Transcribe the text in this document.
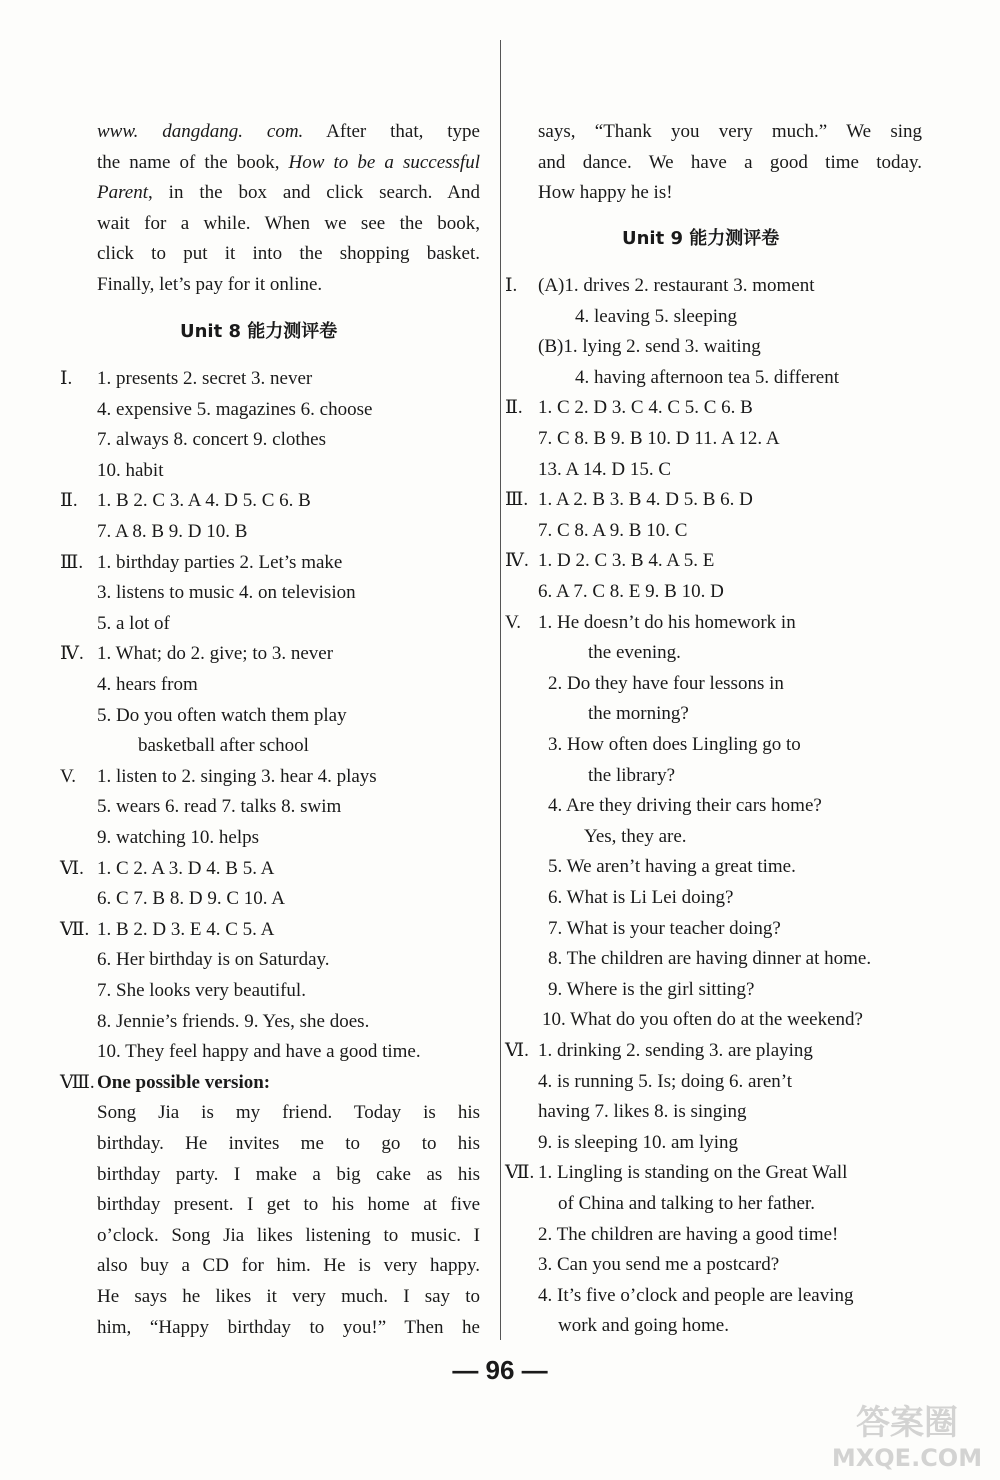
www. dangdang. com. After that, type
the name of the book, How to be a successful
Parent, in the box and click search. And
wait for a while. When we see the book,
click to put it into the shopping basket.
Finally, let’s pay for it online.
Unit 8 能力测评卷
Ⅰ. 1. presents 2. secret 3. never
4. expensive 5. magazines 6. choose
7. always 8. concert 9. clothes
10. habit
Ⅱ. 1. B 2. C 3. A 4. D 5. C 6. B
7. A 8. B 9. D 10. B
Ⅲ. 1. birthday parties 2. Let’s make
3. listens to music 4. on television
5. a lot of
Ⅳ. 1. What; do 2. give; to 3. never
4. hears from
5. Do you often watch them play
basketball after school
V. 1. listen to 2. singing 3. hear 4. plays
5. wears 6. read 7. talks 8. swim
9. watching 10. helps
Ⅵ. 1. C 2. A 3. D 4. B 5. A
6. C 7. B 8. D 9. C 10. A
Ⅶ. 1. B 2. D 3. E 4. C 5. A
6. Her birthday is on Saturday.
7. She looks very beautiful.
8. Jennie’s friends. 9. Yes, she does.
10. They feel happy and have a good time.
Ⅷ. One possible version:
Song Jia is my friend. Today is his
birthday. He invites me to go to his
birthday party. I make a big cake as his
birthday present. I get to his home at five
o’clock. Song Jia likes listening to music. I
also buy a CD for him. He is very happy.
He says he likes it very much. I say to
him, “Happy birthday to you!” Then he
says, “Thank you very much.” We sing
and dance. We have a good time today.
How happy he is!
Unit 9 能力测评卷
Ⅰ. (A)1. drives 2. restaurant 3. moment
4. leaving 5. sleeping
(B)1. lying 2. send 3. waiting
4. having afternoon tea 5. different
Ⅱ. 1. C 2. D 3. C 4. C 5. C 6. B
7. C 8. B 9. B 10. D 11. A 12. A
13. A 14. D 15. C
Ⅲ. 1. A 2. B 3. B 4. D 5. B 6. D
7. C 8. A 9. B 10. C
Ⅳ. 1. D 2. C 3. B 4. A 5. E
6. A 7. C 8. E 9. B 10. D
V. 1. He doesn’t do his homework in
the evening.
2. Do they have four lessons in
the morning?
3. How often does Lingling go to
the library?
4. Are they driving their cars home?
Yes, they are.
5. We aren’t having a great time.
6. What is Li Lei doing?
7. What is your teacher doing?
8. The children are having dinner at home.
9. Where is the girl sitting?
10. What do you often do at the weekend?
Ⅵ. 1. drinking 2. sending 3. are playing
4. is running 5. Is; doing 6. aren’t
having 7. likes 8. is singing
9. is sleeping 10. am lying
Ⅶ. 1. Lingling is standing on the Great Wall
of China and talking to her father.
2. The children are having a good time!
3. Can you send me a postcard?
4. It’s five o’clock and people are leaving
work and going home.
— 96 —
答案圈
MXQE.COM
